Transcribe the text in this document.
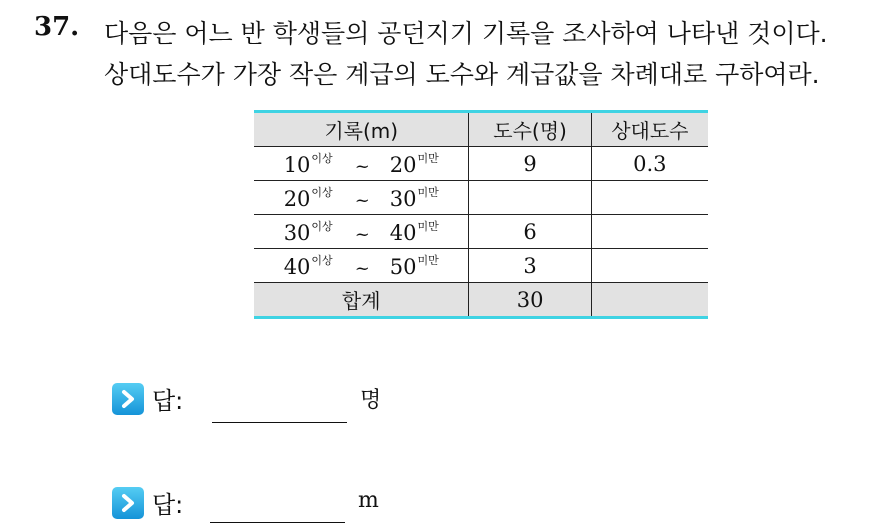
37. 다음은 어느 반 학생들의 공던지기 기록을 조사하여 나타낸 것이다.
상대도수가 가장 작은 계급의 도수와 계급값을 차례대로 구하여라.
기록(m)	도수(명)	상대도수
$10^{이상}$ ~ $20^{미만}$	9	0.3
$20^{이상}$ ~ $30^{미만}$		
$30^{이상}$ ~ $40^{미만}$	6	
$40^{이상}$ ~ $50^{미만}$	3	
합계	30	
답:	명
답:	m
